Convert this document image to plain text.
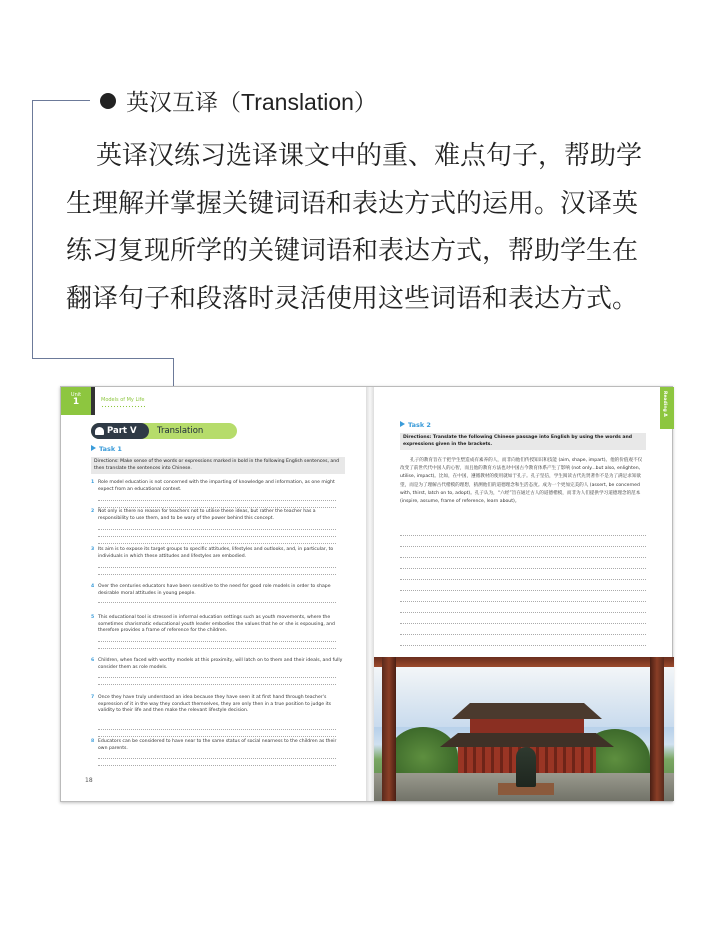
英汉互译（Translation）
英译汉练习选译课文中的重、难点句子，帮助学生理解并掌握关键词语和表达方式的运用。汉译英练习复现所学的关键词语和表达方式，帮助学生在翻译句子和段落时灵活使用这些词语和表达方式。
Unit
1	Models of My Life
Part V	Translation
Task 1
Directions: Make sense of the words or expressions marked in bold in the following English sentences, and then translate the sentences into Chinese.
1 Role model education is not concerned with the imparting of knowledge and information, as one might expect from an educational context.
2 Not only is there no reason for teachers not to utilise these ideas, but rather the teacher has a responsibility to use them, and to be wary of the power behind this concept.
3 Its aim is to expose its target groups to specific attitudes, lifestyles and outlooks, and, in particular, to individuals in which these attitudes and lifestyles are embodied.
4 Over the centuries educators have been sensitive to the need for good role models in order to shape desirable moral attitudes in young people.
5 This educational tool is stressed in informal education settings such as youth movements, where the sometimes charismatic educational youth leader embodies the values that he or she is espousing, and therefore provides a frame of reference for the children.
6 Children, when faced with worthy models at this proximity, will latch on to them and their ideals, and fully consider them as role models.
7 Once they have truly understood an idea because they have seen it at first hand through teacher's expression of it in the way they conduct themselves, they are only then in a true position to judge its validity to their life and then make the relevant lifestyle decision.
8 Educators can be considered to have near to the same status of social nearness to the children as their own parents.
18
Reading A
Task 2
Directions: Translate the following Chinese passage into English by using the words and expressions given in the brackets.
孔子的教育旨在于把学生塑造成有素养的人，而非向他们传授知识和技能 (aim, shape, impart)。他的价值观不仅改变了前世代代中国人的心智，而且他的教育方法也对中国古今教育体系产生了影响 (not only...but also, enlighten, utilise, impact)。比如，在中国，遵循教材的使用就如于孔子。孔子坚信，学生阅读古代先贤著作不是为了满足求知欲望，而是为了理解古代楷模的理想，猜测他们的道德理念和生活态度。成为一个更加完美的人 (assert, be concerned with, thirst, latch on to, adopt)。孔子认为，“六经”旨在通过古人的道德楷模，而非为人们提供学习道德理念的范本 (inspire, assume, frame of reference, learn about)。
